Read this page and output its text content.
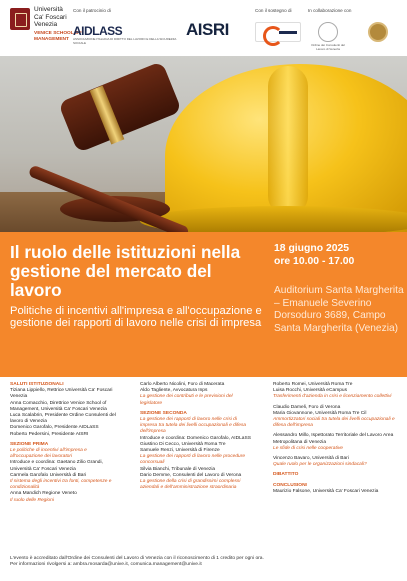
Università Ca' Foscari Venezia
VENICE SCHOOL OF MANAGEMENT
Con il patrocinio di
AIDLASS
ASSOCIAZIONE ITALIANA DI DIRITTO DEL LAVORO E DELLA SICUREZZA SOCIALE
AISRI
Con il sostegno di	In collaborazione con
Ordine dei Consulenti del Lavoro di Venezia
Il ruolo delle istituzioni nella gestione del mercato del lavoro
Politiche di incentivi all'impresa e all'occupazione e gestione dei rapporti di lavoro nelle crisi di impresa
18 giugno 2025
ore 10.00 - 17.00
Auditorium Santa Margherita – Emanuele Severino Dorsoduro 3689, Campo Santa Margherita (Venezia)
SALUTI ISTITUZIONALI
Tiziana Lippiello, Rettrice Università Ca' Foscari Venezia
Anna Comacchio, Direttrice Venice School of Management, Università Ca' Foscari Venezia
Luca Scalabrin, Presidente Ordine Consulenti del lavoro di Venezia
Domenico Garofalo, Presidente AIDLaSS
Roberto Pedersini, Presidente AISRI
SEZIONE PRIMA
Le politiche di incentivi all'impresa e all'occupazione dei lavoratori
Introduce e coordina: Gaetano Zilio Grandi, Università Ca' Foscari Venezia
Carmela Garofalo Università di Bari
Il sistema degli incentivi tra fonti, competenze e condizionalità
Anna Mandich Regione Veneto
Il ruolo delle Regioni
Carlo Alberto Nicolini, Foro di Macerata
Aldo Tagliente, Avvocatura Inps
La gestione dei contributi e le previsioni del legislatore
SEZIONE SECONDA
La gestione dei rapporti di lavoro nelle crisi di impresa tra tutela dei livelli occupazionali e difesa dell'impresa
Introduce e coordina: Domenico Garofalo, AIDLaSS
Giustino Di Cecco, Università Roma Tre
Samuele Renzi, Università di Firenze
La gestione dei rapporti di lavoro nelle procedure concorsuali
Silvia Bianchi, Tribunale di Venezia
Dario Demme, Consulenti del Lavoro di Verona
La gestione della crisi di grandissimi complessi aziendali e dell'amministrazione straordinaria
Roberto Romei, Università Roma Tre
Luisa Rocchi, Università eCampus
Trasferimenti d'azienda in crisi e licenziamento collettivi
Claudio Dameli, Foro di Verona
Maria Giovannone, Università Roma Tre Cil
Ammortizzatori sociali tra tutela dei livelli occupazionali e difesa dell'impresa
Alessandro Millo, Ispettorato Territoriale del Lavoro Area Metropolitana di Venezia
Le sfide di crisi nelle cooperative
Vincenzo Bavaro, Università di Bari
Quale ruolo per le organizzazioni sindacali?
DIBATTITO
CONCLUSIONI
Maurizio Falsone, Università Ca' Foscari Venezia
L'evento è accreditato dall'Ordine dei Consulenti del Lavoro di Venezia con il riconoscimento di 1 credito per ogni ora.
Per informazioni rivolgersi a: ambra.mosarda@unive.it, comunica.management@unive.it
